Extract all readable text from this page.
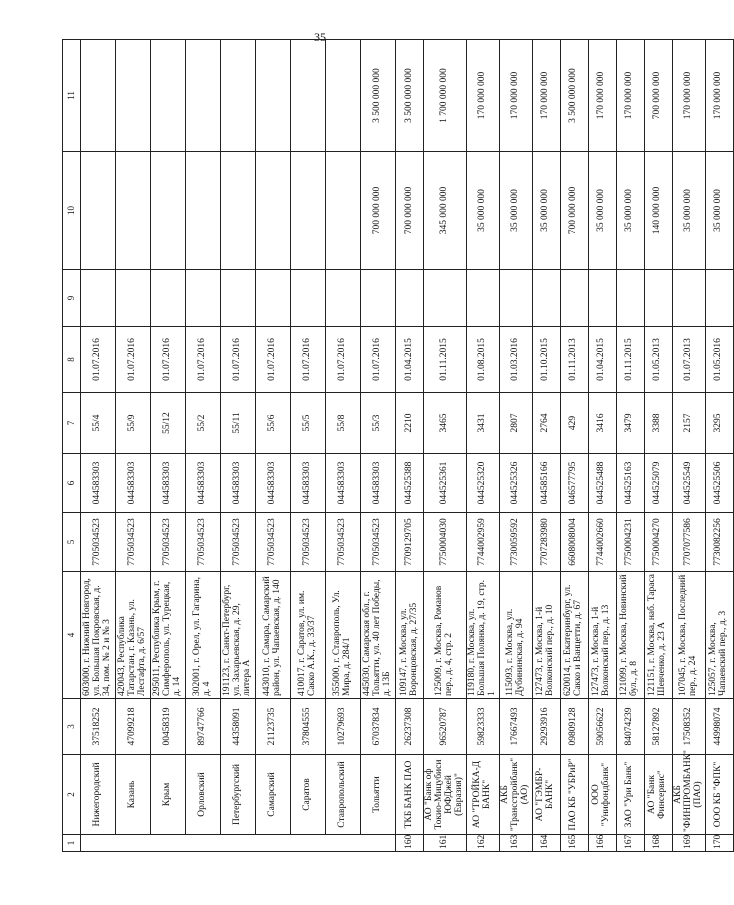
35
1	2	3	4	5	6	7	8	9	10	11
	Нижегородский	37518252	603000, г. Нижний Новгород, ул. Большая Покровская, д. 34, пом. № 2 и № 3	7705034523	044583303	55/4	01.07.2016			
	Казань	47099218	420043, Республика Татарстан, г. Казань, ул. Лесгафта, д. 6/57	7705034523	044583303	55/9	01.07.2016			
	Крым	00458319	295011, Республика Крым, г. Симферополь, ул. Турецкая, д. 14	7705034523	044583303	55/12	01.07.2016			
	Орловский	89747766	302001, г. Орел, ул. Гагарина, д. 4	7705034523	044583303	55/2	01.07.2016			
	Петербургский	44358091	191123, г. Санкт-Петербург, ул. Захарьевская, д. 29, литера А	7705034523	044583303	55/11	01.07.2016			
	Самарский	21123735	443010, г. Самара, Самарский район, ул. Чапаевская, д. 140	7705034523	044583303	55/6	01.07.2016			
	Саратов	37804555	410017, г. Саратов, ул. им. Сакко А.К., д. 33/37	7705034523	044583303	55/5	01.07.2016			
	Ставропольский	10279693	355000, г. Ставрополь, Ул. Мира, д. 284/1	7705034523	044583303	55/8	01.07.2016			
	Тольятти	67037834	445030, Самарская обл., г. Тольятти, ул. 40 лет Победы, д. 13Б	7705034523	044583303	55/3	01.07.2016		700 000 000	3 500 000 000
160	ТКБ БАНК ПАО	26237308	109147, г. Москва, ул. Воронцовская, д. 27/35	7709129705	044525388	2210	01.04.2015		700 000 000	3 500 000 000
161	АО "Банк оф Токио-Мицубиси ЮФДжей (Евразия)"	96520787	125009, г. Москва, Романов пер., д. 4, стр. 2	7750004030	044525361	3465	01.11.2015		345 000 000	1 700 000 000
162	АО "ТРОЙКА-Д БАНК"	59823333	119180, г. Москва, ул. Большая Полянка, д. 19, стр. 1	7744002959	044525320	3431	01.08.2015		35 000 000	170 000 000
163	АКБ "Трансстройбанк" (АО)	17667493	115093, г. Москва, ул. Дубининская, д. 94	7730059592	044525326	2807	01.03.2016		35 000 000	170 000 000
164	АО "ГЭМБР-БАНК"	29293916	127473, г. Москва, 1-й Волконский пер., д. 10	7707283980	044585166	2764	01.10.2015		35 000 000	170 000 000
165	ПАО КБ "УБРиР"	09809128	620014, г. Екатеринбург, ул. Сакко и Ванцетти, д. 67	6608008004	046577795	429	01.11.2013		700 000 000	3 500 000 000
166	ООО "Унифондбанк"	59056622	127473, г. Москва, 1-й Волконский пер., д. 13	7744002660	044525488	3416	01.04.2015		35 000 000	170 000 000
167	ЗАО "Ури Банк"	84074239	121099, г. Москва, Новинский бул., д. 8	7750004231	044525163	3479	01.11.2015		35 000 000	170 000 000
168	АО "Банк Финсервис"	58127892	121151, г. Москва, наб. Тараса Шевченко, д. 23 А	7750004270	044525079	3388	01.05.2013		140 000 000	700 000 000
169	АКБ "ФИНПРОМБАНК" (ПАО)	17508352	107045, г. Москва, Последний пер., д. 24	7707077586	044525549	2157	01.07.2013		35 000 000	170 000 000
170	ООО КБ "ФПК"	44998074	125057, г. Москва, Чапаевский пер., д. 3	7730082256	044525506	3295	01.05.2016		35 000 000	170 000 000
